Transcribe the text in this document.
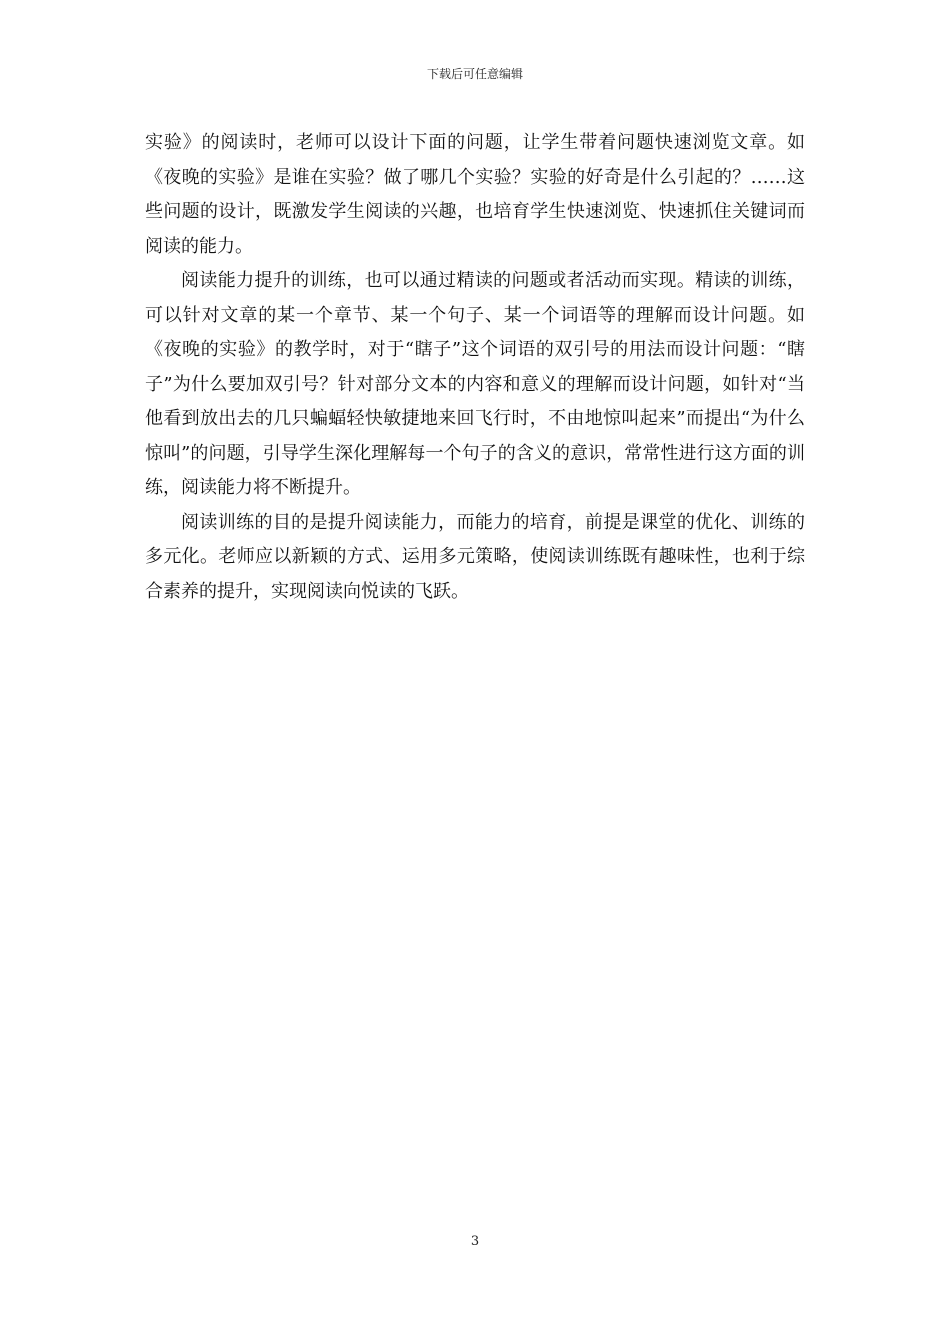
下载后可任意编辑

实验》的阅读时，老师可以设计下面的问题，让学生带着问题快速浏览文章。如《夜晚的实验》是谁在实验？做了哪几个实验？实验的好奇是什么引起的？……这些问题的设计，既激发学生阅读的兴趣，也培育学生快速浏览、快速抓住关键词而阅读的能力。

阅读能力提升的训练，也可以通过精读的问题或者活动而实现。精读的训练，可以针对文章的某一个章节、某一个句子、某一个词语等的理解而设计问题。如《夜晚的实验》的教学时，对于“瞎子”这个词语的双引号的用法而设计问题：“瞎子”为什么要加双引号？针对部分文本的内容和意义的理解而设计问题，如针对“当他看到放出去的几只蝙蝠轻快敏捷地来回飞行时，不由地惊叫起来”而提出“为什么惊叫”的问题，引导学生深化理解每一个句子的含义的意识，常常性进行这方面的训练，阅读能力将不断提升。

阅读训练的目的是提升阅读能力，而能力的培育，前提是课堂的优化、训练的多元化。老师应以新颖的方式、运用多元策略，使阅读训练既有趣味性，也利于综合素养的提升，实现阅读向悦读的飞跃。

3
